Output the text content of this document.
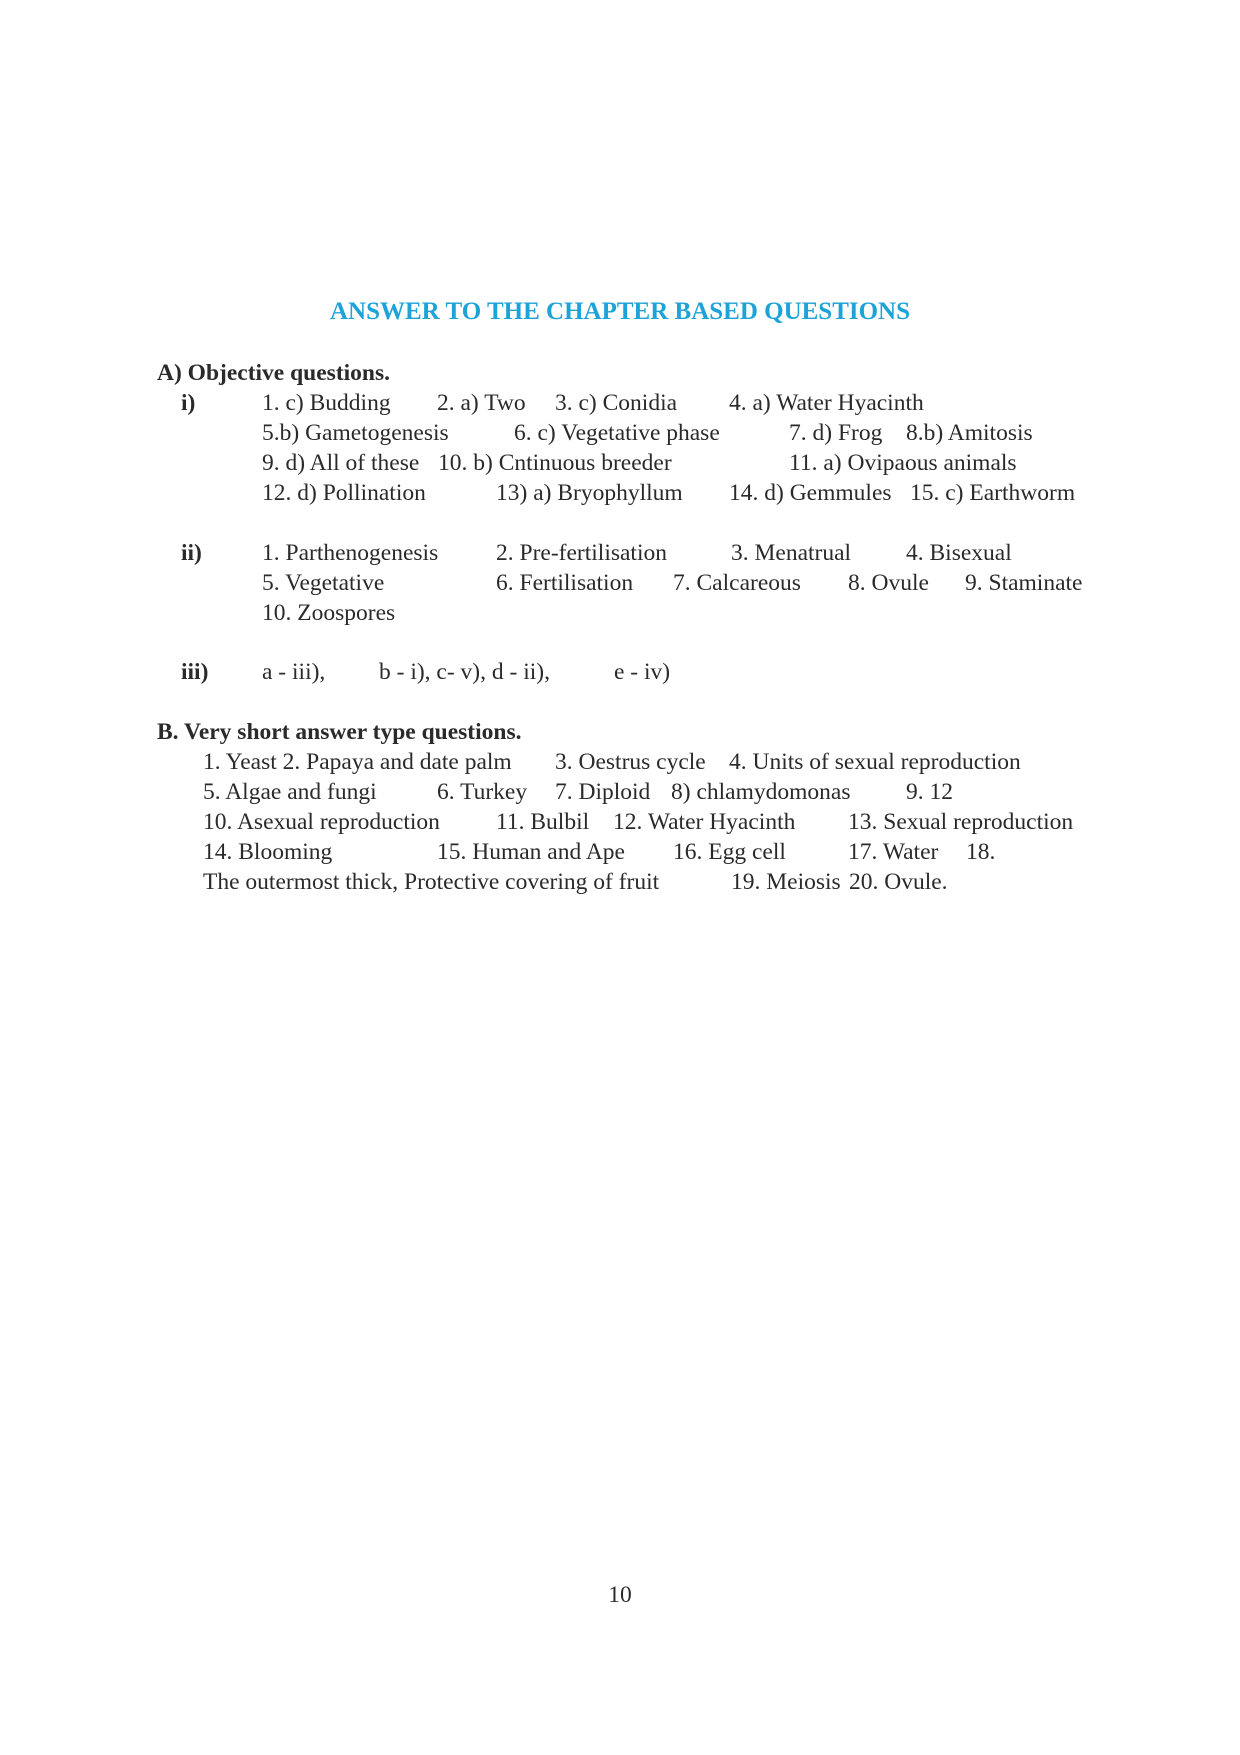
ANSWER TO THE CHAPTER BASED QUESTIONS
A) Objective questions.
i)	1. c) Budding 2. a) Two 3. c) Conidia 4. a) Water Hyacinth
5.b) Gametogenesis	6. c) Vegetative phase	7. d) Frog 8.b) Amitosis
9. d) All of these 10. b) Cntinuous breeder	11. a) Ovipaous animals
12. d) Pollination	13) a) Bryophyllum 14. d) Gemmules 15. c) Earthworm
ii)	1. Parthenogenesis 2. Pre-fertilisation	3. Menatrual 4. Bisexual
5. Vegetative	6. Fertilisation 7. Calcareous 8. Ovule 9. Staminate
10. Zoospores
iii) a - iii), b - i), c- v), d - ii),	e - iv)
B. Very short answer type questions.
1. Yeast 2. Papaya and date palm 3. Oestrus cycle 4. Units of sexual reproduction
5. Algae and fungi	6. Turkey 7. Diploid 8) chlamydomonas 9. 12
10. Asexual reproduction 11. Bulbil 12. Water Hyacinth 13. Sexual reproduction
14. Blooming	15. Human and Ape 16. Egg cell	17. Water 18.
The outermost thick, Protective covering of fruit	19. Meiosis 20. Ovule.
10
